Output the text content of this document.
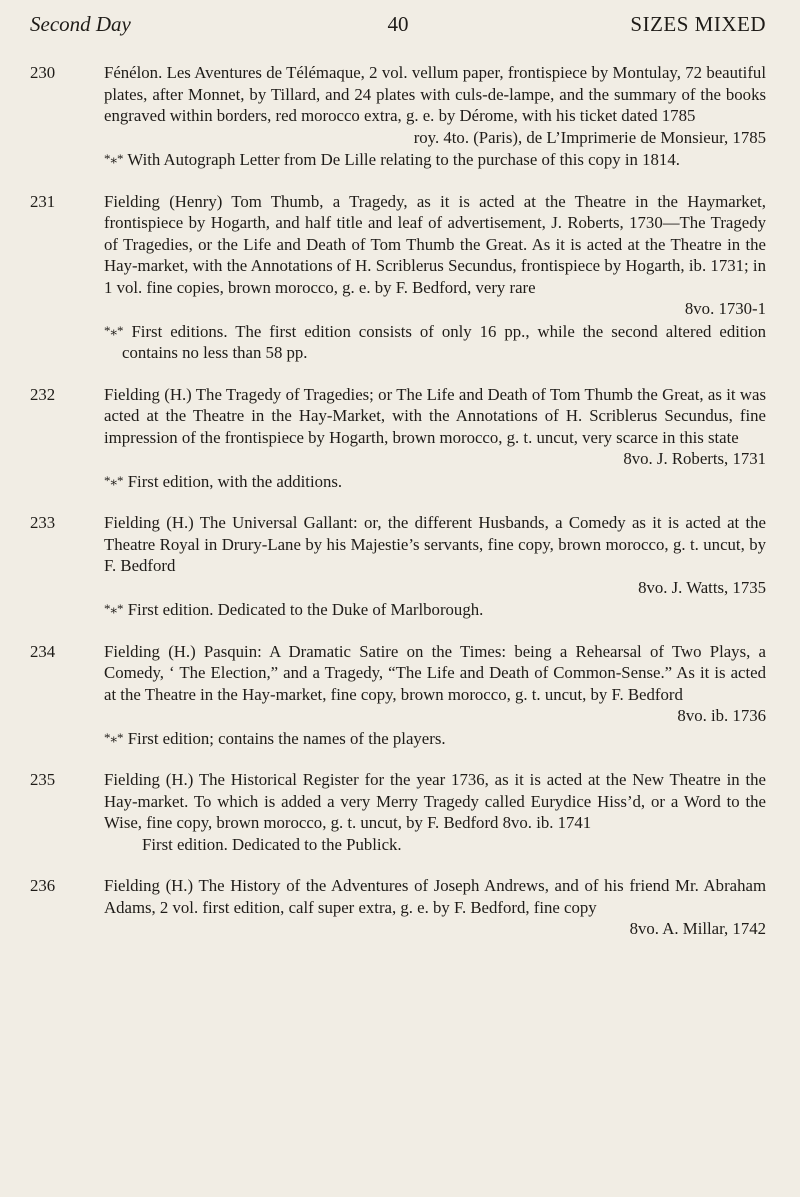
Second Day	40	SIZES MIXED
230	Fénélon. Les Aventures de Télémaque, 2 vol. vellum paper, frontispiece by Montulay, 72 beautiful plates, after Monnet, by Tillard, and 24 plates with culs-de-lampe, and the summary of the books engraved within borders, red morocco extra, g. e. by Dérome, with his ticket dated 1785
roy. 4to. (Paris), de L’Imprimerie de Monsieur, 1785
*⁎* With Autograph Letter from De Lille relating to the purchase of this copy in 1814.
231	Fielding (Henry) Tom Thumb, a Tragedy, as it is acted at the Theatre in the Haymarket, frontispiece by Hogarth, and half title and leaf of advertisement, J. Roberts, 1730—The Tragedy of Tragedies, or the Life and Death of Tom Thumb the Great. As it is acted at the Theatre in the Hay-market, with the Annotations of H. Scriblerus Secundus, frontispiece by Hogarth, ib. 1731; in 1 vol. fine copies, brown morocco, g. e. by F. Bedford, very rare
8vo. 1730-1
*⁎* First editions. The first edition consists of only 16 pp., while the second altered edition contains no less than 58 pp.
232	Fielding (H.) The Tragedy of Tragedies; or The Life and Death of Tom Thumb the Great, as it was acted at the Theatre in the Hay-Market, with the Annotations of H. Scriblerus Secundus, fine impression of the frontispiece by Hogarth, brown morocco, g. t. uncut, very scarce in this state
8vo. J. Roberts, 1731
*⁎* First edition, with the additions.
233	Fielding (H.) The Universal Gallant: or, the different Husbands, a Comedy as it is acted at the Theatre Royal in Drury-Lane by his Majestie’s servants, fine copy, brown morocco, g. t. uncut, by F. Bedford
8vo. J. Watts, 1735
*⁎* First edition. Dedicated to the Duke of Marlborough.
234	Fielding (H.) Pasquin: A Dramatic Satire on the Times: being a Rehearsal of Two Plays, a Comedy, ‘ The Election,” and a Tragedy, “The Life and Death of Common-Sense.” As it is acted at the Theatre in the Hay-market, fine copy, brown morocco, g. t. uncut, by F. Bedford
8vo. ib. 1736
*⁎* First edition; contains the names of the players.
235	Fielding (H.) The Historical Register for the year 1736, as it is acted at the New Theatre in the Hay-market. To which is added a very Merry Tragedy called Eurydice Hiss’d, or a Word to the Wise, fine copy, brown morocco, g. t. uncut, by F. Bedford 8vo. ib. 1741
First edition. Dedicated to the Publick.
236	Fielding (H.) The History of the Adventures of Joseph Andrews, and of his friend Mr. Abraham Adams, 2 vol. first edition, calf super extra, g. e. by F. Bedford, fine copy
8vo. A. Millar, 1742
